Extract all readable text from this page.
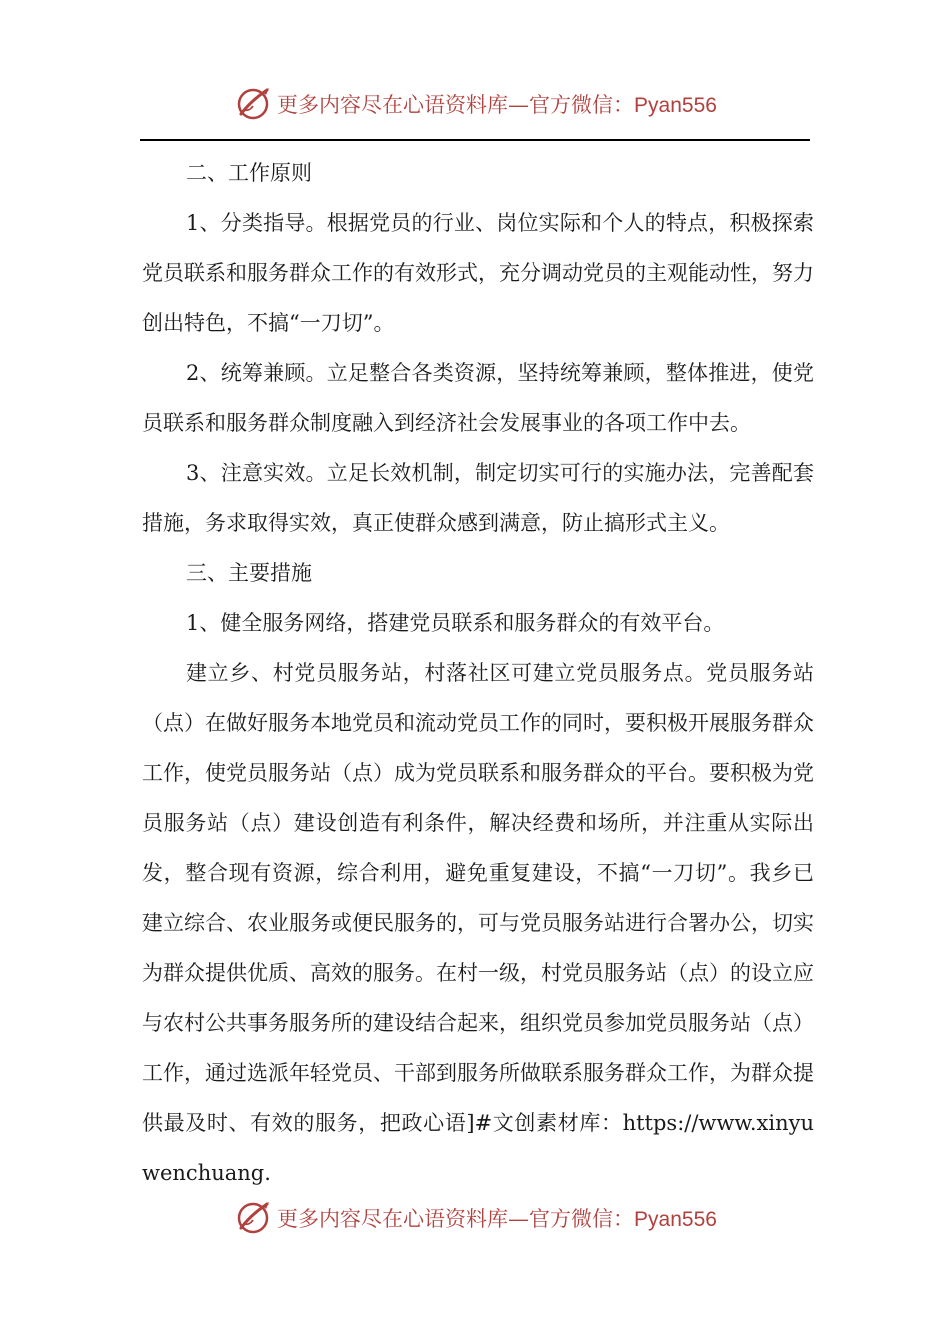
更多内容尽在心语资料库—官方微信：Pyan556

二、工作原则

1、分类指导。根据党员的行业、岗位实际和个人的特点，积极探索党员联系和服务群众工作的有效形式，充分调动党员的主观能动性，努力创出特色，不搞“一刀切”。

2、统筹兼顾。立足整合各类资源，坚持统筹兼顾，整体推进，使党员联系和服务群众制度融入到经济社会发展事业的各项工作中去。

3、注意实效。立足长效机制，制定切实可行的实施办法，完善配套措施，务求取得实效，真正使群众感到满意，防止搞形式主义。

三、主要措施

1、健全服务网络，搭建党员联系和服务群众的有效平台。

建立乡、村党员服务站，村落社区可建立党员服务点。党员服务站（点）在做好服务本地党员和流动党员工作的同时，要积极开展服务群众工作，使党员服务站（点）成为党员联系和服务群众的平台。要积极为党员服务站（点）建设创造有利条件，解决经费和场所，并注重从实际出发，整合现有资源，综合利用，避免重复建设，不搞“一刀切”。我乡已建立综合、农业服务或便民服务的，可与党员服务站进行合署办公，切实为群众提供优质、高效的服务。在村一级，村党员服务站（点）的设立应与农村公共事务服务所的建设结合起来，组织党员参加党员服务站（点）工作，通过选派年轻党员、干部到服务所做联系服务群众工作，为群众提供最及时、有效的服务，把政心语]#文创素材库：https://www.xinyuwenchuang.

更多内容尽在心语资料库—官方微信：Pyan556
